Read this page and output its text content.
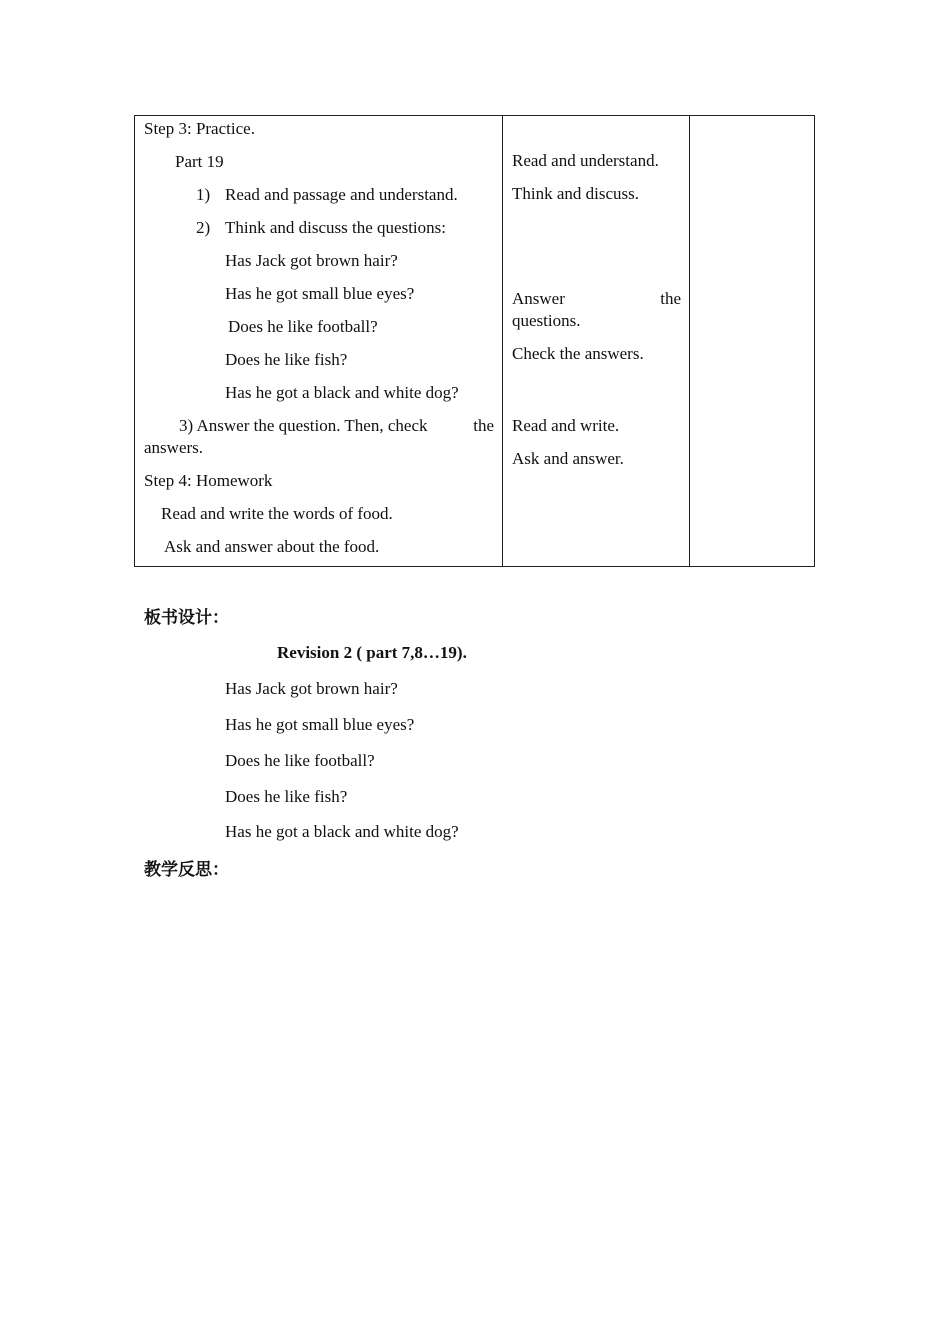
Step 3: Practice.
Part 19
1) Read and passage and understand.
2) Think and discuss the questions:
Has Jack got brown hair?
Has he got small blue eyes?
Does he like football?
Does he like fish?
Has he got a black and white dog?
3) Answer the question. Then, check	the
answers.
Step 4: Homework
Read and write the words of food.
Ask and answer about the food.
Read and understand.
Think and discuss.
Answer	the
questions.
Check the answers.
Read and write.
Ask and answer.
板书设计：
Revision 2 ( part 7,8…19).
Has Jack got brown hair?
Has he got small blue eyes?
Does he like football?
Does he like fish?
Has he got a black and white dog?
教学反思：
